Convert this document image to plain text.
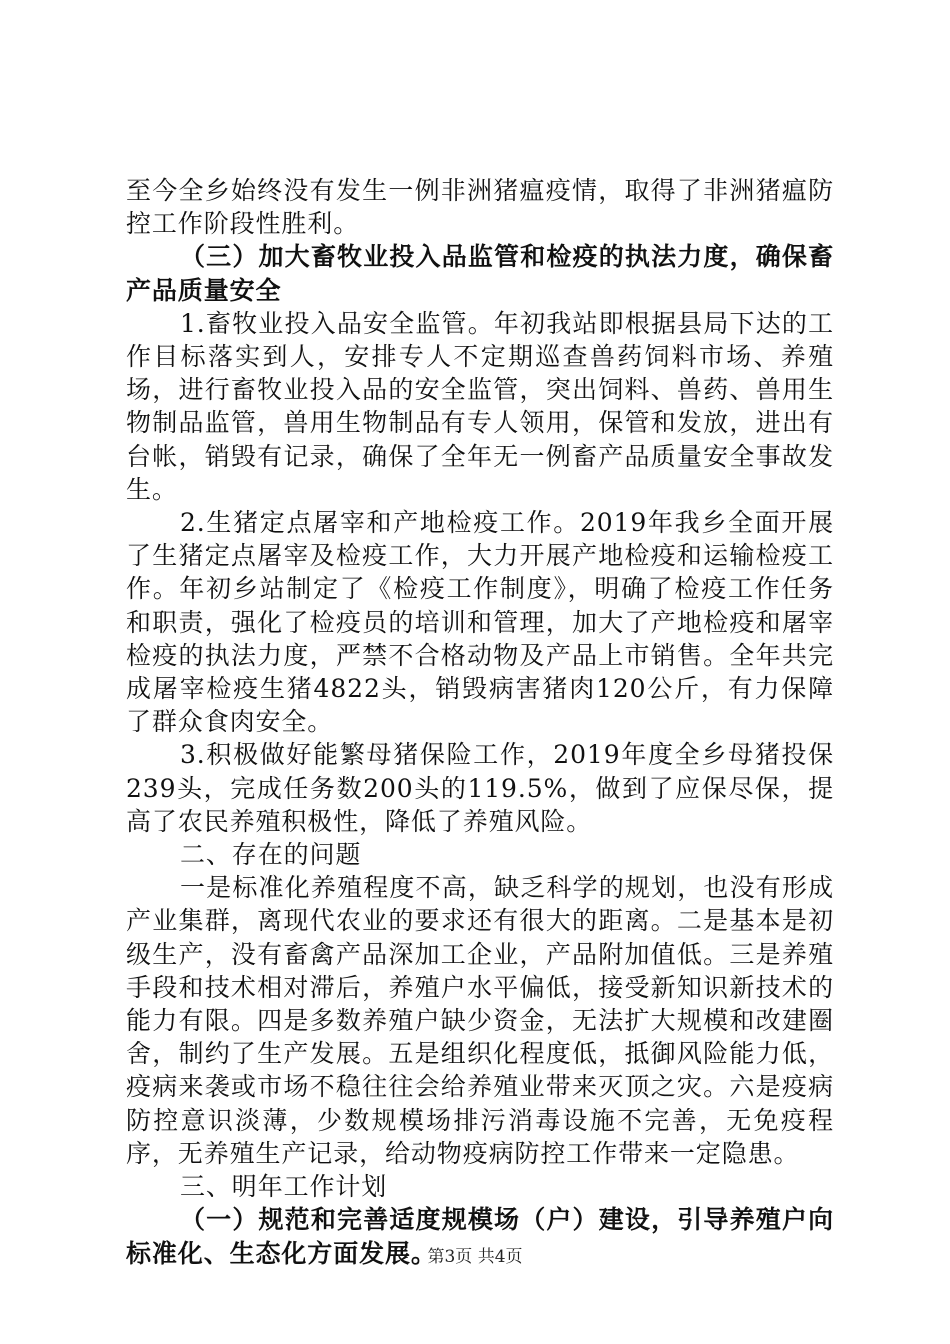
至今全乡始终没有发生一例非洲猪瘟疫情，取得了非洲猪瘟防控工作阶段性胜利。

（三）加大畜牧业投入品监管和检疫的执法力度，确保畜产品质量安全

1.畜牧业投入品安全监管。年初我站即根据县局下达的工作目标落实到人，安排专人不定期巡查兽药饲料市场、养殖场，进行畜牧业投入品的安全监管，突出饲料、兽药、兽用生物制品监管，兽用生物制品有专人领用，保管和发放，进出有台帐，销毁有记录，确保了全年无一例畜产品质量安全事故发生。

2.生猪定点屠宰和产地检疫工作。2019年我乡全面开展了生猪定点屠宰及检疫工作，大力开展产地检疫和运输检疫工作。年初乡站制定了《检疫工作制度》，明确了检疫工作任务和职责，强化了检疫员的培训和管理，加大了产地检疫和屠宰检疫的执法力度，严禁不合格动物及产品上市销售。全年共完成屠宰检疫生猪4822头，销毁病害猪肉120公斤，有力保障了群众食肉安全。

3.积极做好能繁母猪保险工作，2019年度全乡母猪投保239头，完成任务数200头的119.5%，做到了应保尽保，提高了农民养殖积极性，降低了养殖风险。

二、存在的问题

一是标准化养殖程度不高，缺乏科学的规划，也没有形成产业集群，离现代农业的要求还有很大的距离。二是基本是初级生产，没有畜禽产品深加工企业，产品附加值低。三是养殖手段和技术相对滞后，养殖户水平偏低，接受新知识新技术的能力有限。四是多数养殖户缺少资金，无法扩大规模和改建圈舍，制约了生产发展。五是组织化程度低，抵御风险能力低，疫病来袭或市场不稳往往会给养殖业带来灭顶之灾。六是疫病防控意识淡薄，少数规模场排污消毒设施不完善，无免疫程序，无养殖生产记录，给动物疫病防控工作带来一定隐患。

三、明年工作计划

（一）规范和完善适度规模场（户）建设，引导养殖户向标准化、生态化方面发展。

第3页 共4页
